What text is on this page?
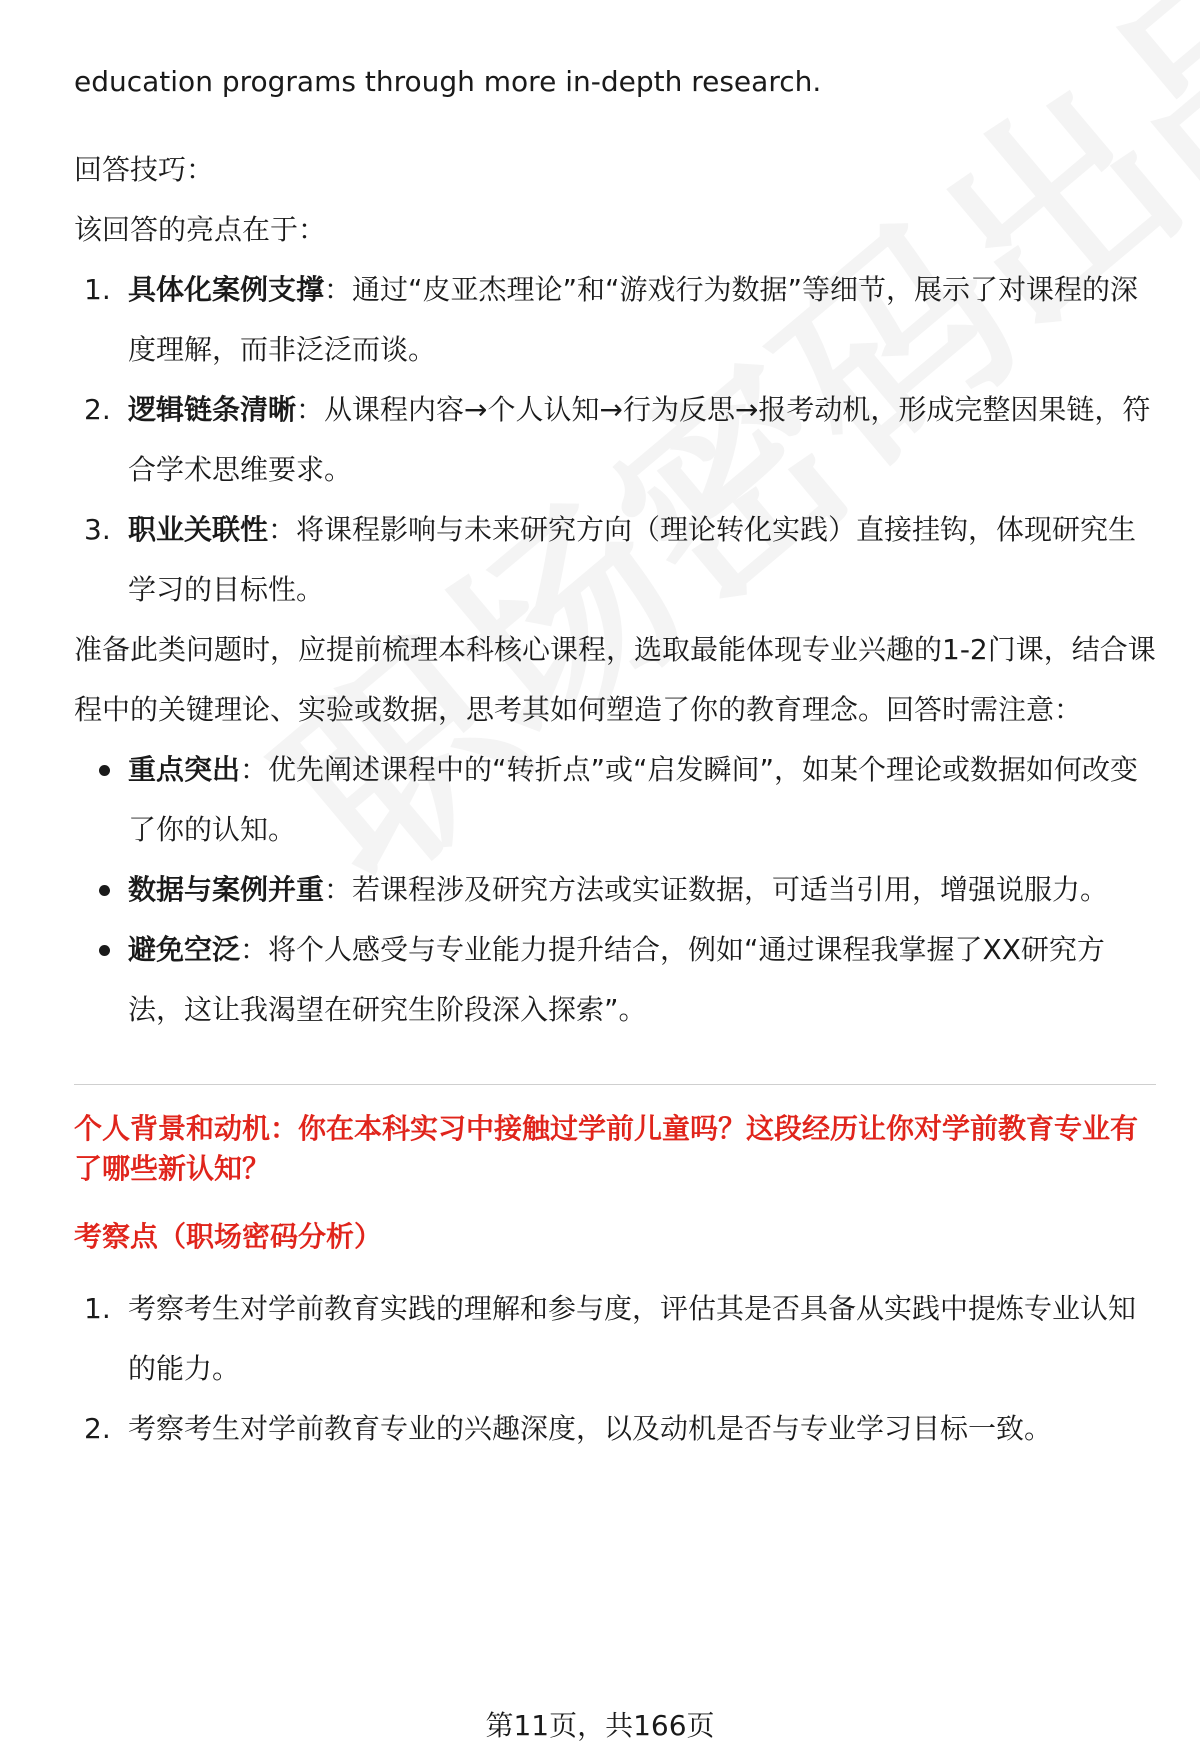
education programs through more in-depth research.

回答技巧：

该回答的亮点在于：

1. 具体化案例支撑：通过“皮亚杰理论”和“游戏行为数据”等细节，展示了对课程的深度理解，而非泛泛而谈。
2. 逻辑链条清晰：从课程内容→个人认知→行为反思→报考动机，形成完整因果链，符合学术思维要求。
3. 职业关联性：将课程影响与未来研究方向（理论转化实践）直接挂钩，体现研究生学习的目标性。

准备此类问题时，应提前梳理本科核心课程，选取最能体现专业兴趣的1-2门课，结合课程中的关键理论、实验或数据，思考其如何塑造了你的教育理念。回答时需注意：

重点突出：优先阐述课程中的“转折点”或“启发瞬间”，如某个理论或数据如何改变了你的认知。
数据与案例并重：若课程涉及研究方法或实证数据，可适当引用，增强说服力。
避免空泛：将个人感受与专业能力提升结合，例如“通过课程我掌握了XX研究方法，这让我渴望在研究生阶段深入探索”。

个人背景和动机：你在本科实习中接触过学前儿童吗？这段经历让你对学前教育专业有了哪些新认知？

考察点（职场密码分析）

1. 考察考生对学前教育实践的理解和参与度，评估其是否具备从实践中提炼专业认知的能力。
2. 考察考生对学前教育专业的兴趣深度，以及动机是否与专业学习目标一致。
第11页，共166页
